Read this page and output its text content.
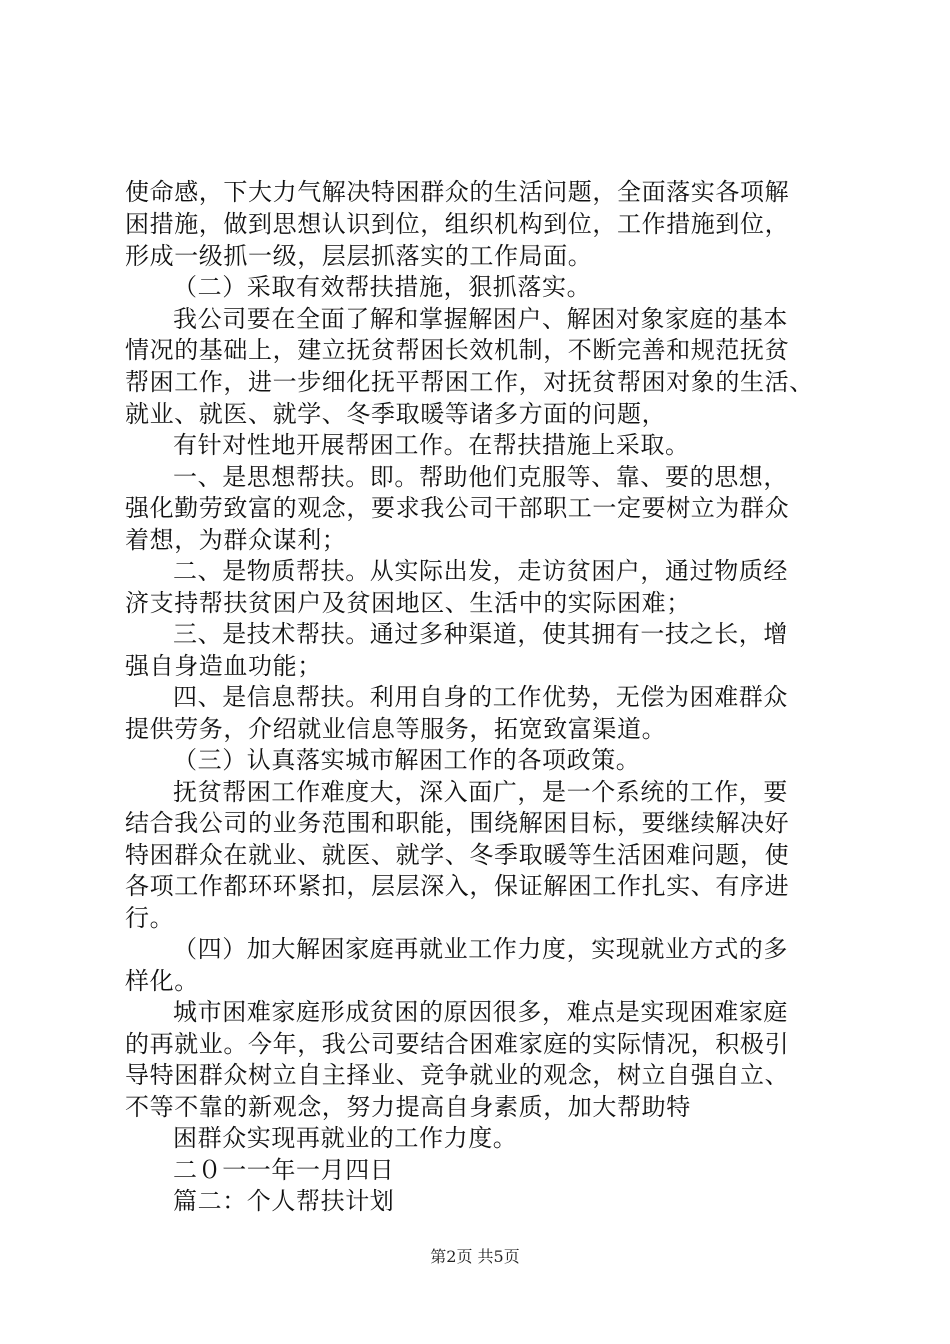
使命感，下大力气解决特困群众的生活问题，全面落实各项解
困措施，做到思想认识到位，组织机构到位，工作措施到位，
形成一级抓一级，层层抓落实的工作局面。
（二）采取有效帮扶措施，狠抓落实。
我公司要在全面了解和掌握解困户、解困对象家庭的基本
情况的基础上，建立抚贫帮困长效机制，不断完善和规范抚贫
帮困工作，进一步细化抚平帮困工作，对抚贫帮困对象的生活、
就业、就医、就学、冬季取暖等诸多方面的问题，
有针对性地开展帮困工作。在帮扶措施上采取。
一、是思想帮扶。即。帮助他们克服等、靠、要的思想，
强化勤劳致富的观念，要求我公司干部职工一定要树立为群众
着想，为群众谋利；
二、是物质帮扶。从实际出发，走访贫困户，通过物质经
济支持帮扶贫困户及贫困地区、生活中的实际困难；
三、是技术帮扶。通过多种渠道，使其拥有一技之长，增
强自身造血功能；
四、是信息帮扶。利用自身的工作优势，无偿为困难群众
提供劳务，介绍就业信息等服务，拓宽致富渠道。
（三）认真落实城市解困工作的各项政策。
抚贫帮困工作难度大，深入面广，是一个系统的工作，要
结合我公司的业务范围和职能，围绕解困目标，要继续解决好
特困群众在就业、就医、就学、冬季取暖等生活困难问题，使
各项工作都环环紧扣，层层深入，保证解困工作扎实、有序进
行。
（四）加大解困家庭再就业工作力度，实现就业方式的多
样化。
城市困难家庭形成贫困的原因很多，难点是实现困难家庭
的再就业。今年，我公司要结合困难家庭的实际情况，积极引
导特困群众树立自主择业、竞争就业的观念，树立自强自立、
不等不靠的新观念，努力提高自身素质，加大帮助特
困群众实现再就业的工作力度。
二０一一年一月四日
篇二：个人帮扶计划
第2页 共5页
